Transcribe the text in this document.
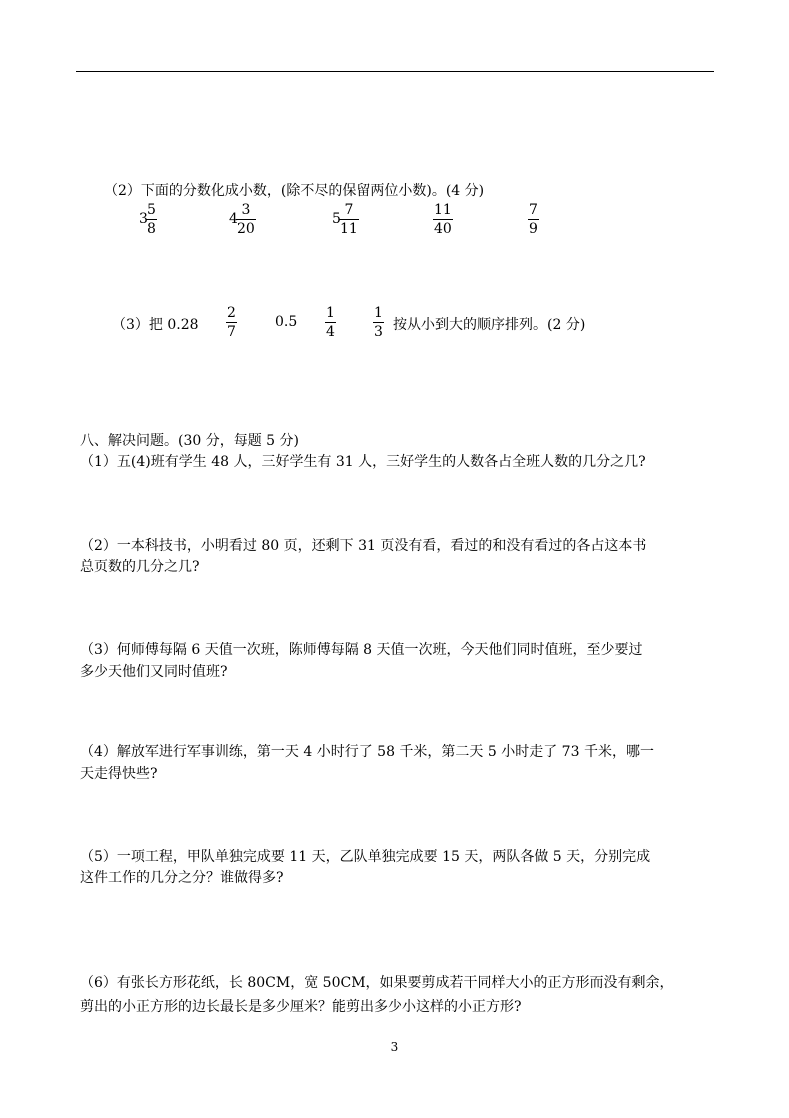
（2）下面的分数化成小数，(除不尽的保留两位小数)。(4 分)
3
5
8
4
3
20
5
7
11
11
40
7
9
（3）把 0.28
2
7
0.5
1
4
1
3 按从小到大的顺序排列。(2 分)
八、解决问题。(30 分，每题 5 分)
（1）五(4)班有学生 48 人，三好学生有 31 人，三好学生的人数各占全班人数的几分之几?
（2）一本科技书，小明看过 80 页，还剩下 31 页没有看，看过的和没有看过的各占这本书
总页数的几分之几?
（3）何师傅每隔 6 天值一次班，陈师傅每隔 8 天值一次班，今天他们同时值班，至少要过
多少天他们又同时值班?
（4）解放军进行军事训练，第一天 4 小时行了 58 千米，第二天 5 小时走了 73 千米，哪一
天走得快些?
（5）一项工程，甲队单独完成要 11 天，乙队单独完成要 15 天，两队各做 5 天，分别完成
这件工作的几分之分？谁做得多?
（6）有张长方形花纸，长 80CM，宽 50CM，如果要剪成若干同样大小的正方形而没有剩余，
剪出的小正方形的边长最长是多少厘米？能剪出多少小这样的小正方形?
3
